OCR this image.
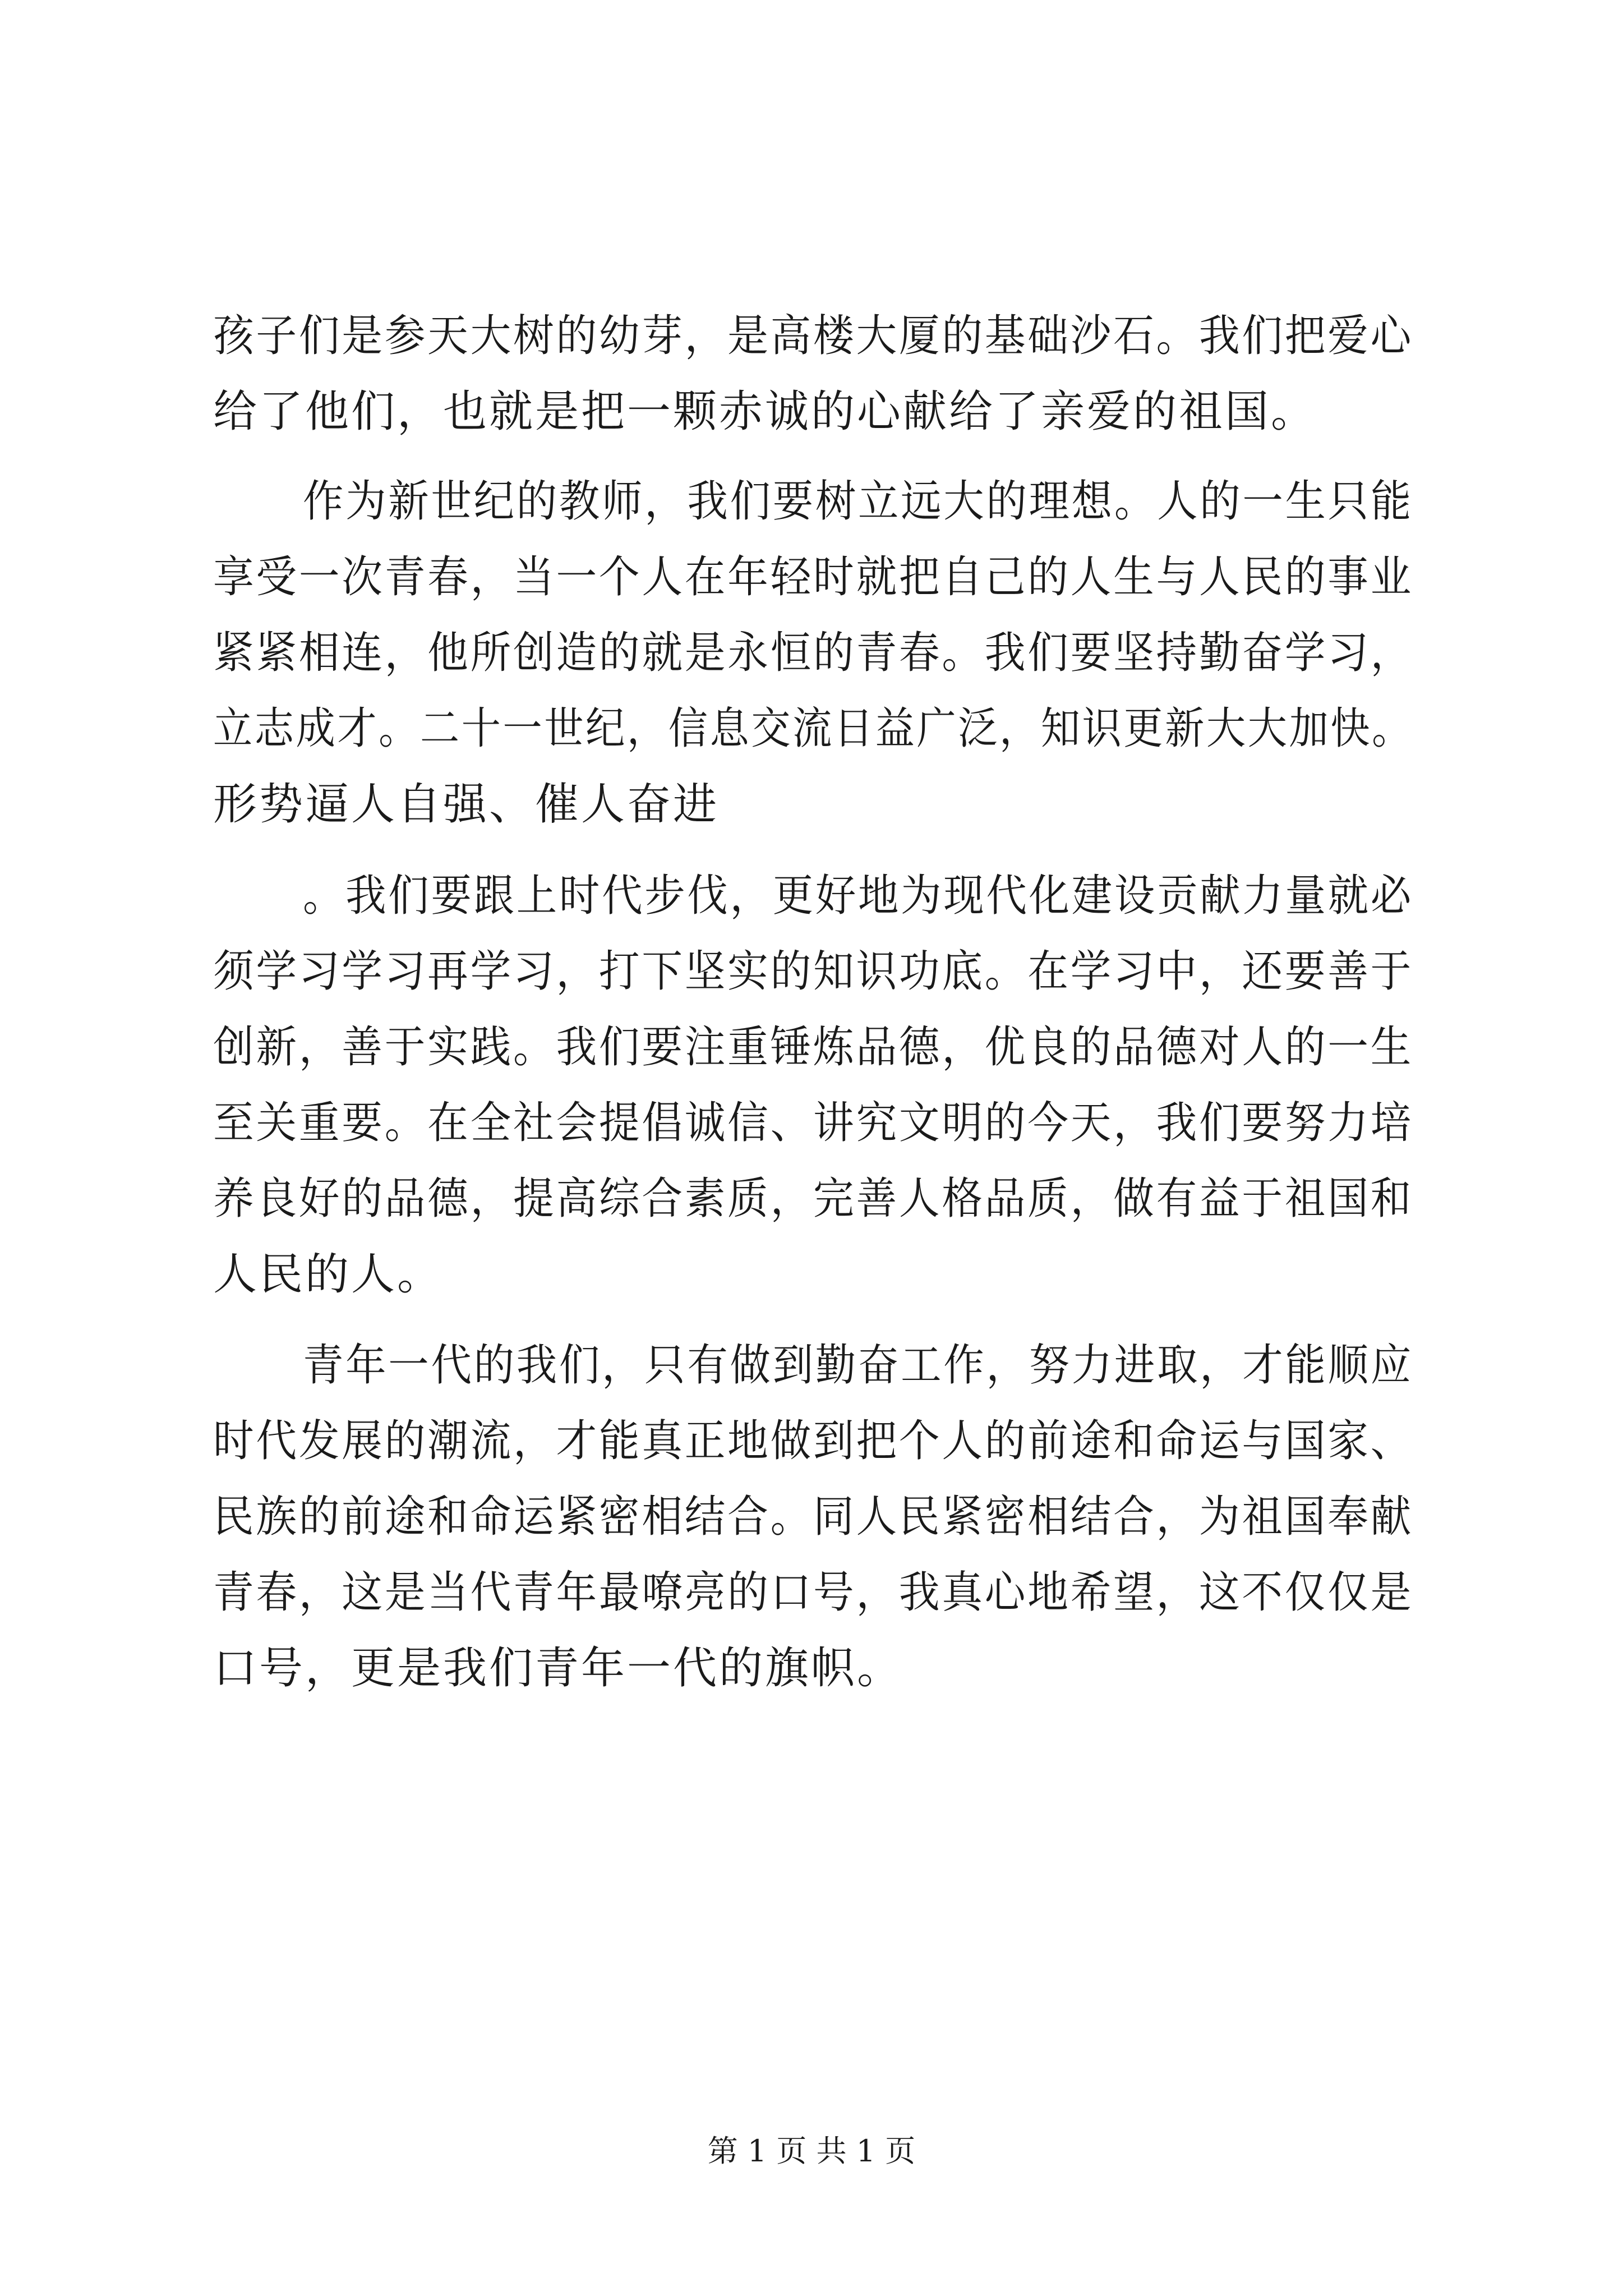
孩子们是参天大树的幼芽，是高楼大厦的基础沙石。我们把爱心
给了他们，也就是把一颗赤诚的心献给了亲爱的祖国。
作为新世纪的教师，我们要树立远大的理想。人的一生只能
享受一次青春，当一个人在年轻时就把自己的人生与人民的事业
紧紧相连，他所创造的就是永恒的青春。我们要坚持勤奋学习，
立志成才。二十一世纪，信息交流日益广泛，知识更新大大加快。
形势逼人自强、催人奋进
。我们要跟上时代步伐，更好地为现代化建设贡献力量就必
须学习学习再学习，打下坚实的知识功底。在学习中，还要善于
创新，善于实践。我们要注重锤炼品德，优良的品德对人的一生
至关重要。在全社会提倡诚信、讲究文明的今天，我们要努力培
养良好的品德，提高综合素质，完善人格品质，做有益于祖国和
人民的人。
青年一代的我们，只有做到勤奋工作，努力进取，才能顺应
时代发展的潮流，才能真正地做到把个人的前途和命运与国家、
民族的前途和命运紧密相结合。同人民紧密相结合，为祖国奉献
青春，这是当代青年最嘹亮的口号，我真心地希望，这不仅仅是
口号，更是我们青年一代的旗帜。
第 1 页 共 1 页
